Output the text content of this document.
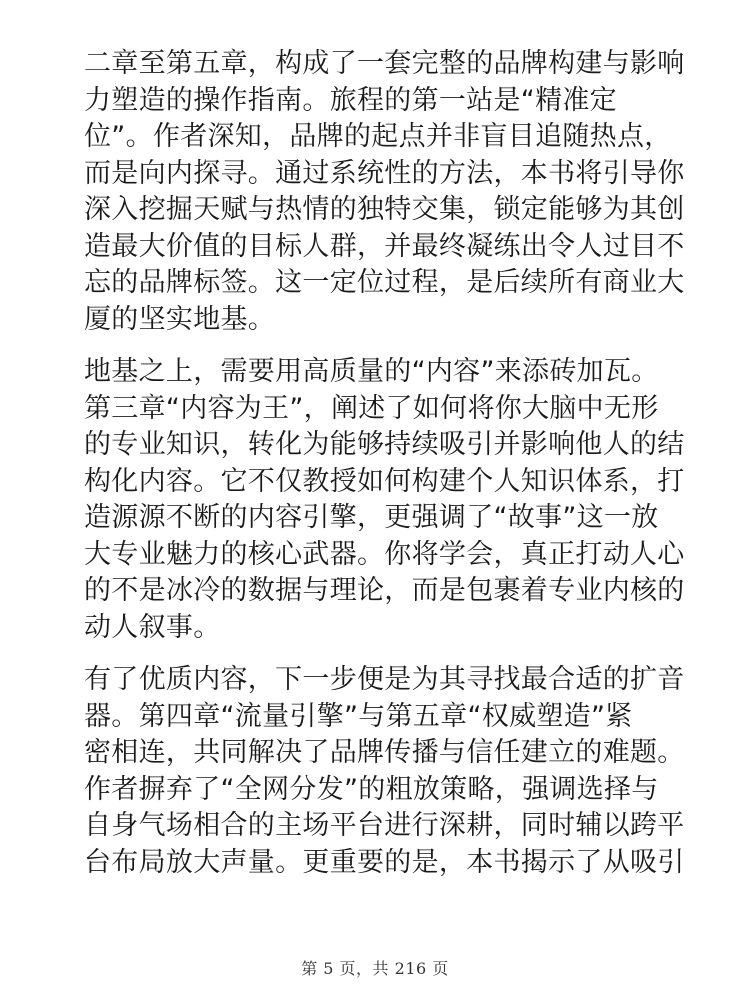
二章至第五章，构成了一套完整的品牌构建与影响
力塑造的操作指南。旅程的第一站是“精准定
位”。作者深知，品牌的起点并非盲目追随热点，
而是向内探寻。通过系统性的方法，本书将引导你
深入挖掘天赋与热情的独特交集，锁定能够为其创
造最大价值的目标人群，并最终凝练出令人过目不
忘的品牌标签。这一定位过程，是后续所有商业大
厦的坚实地基。
地基之上，需要用高质量的“内容”来添砖加瓦。
第三章“内容为王”，阐述了如何将你大脑中无形
的专业知识，转化为能够持续吸引并影响他人的结
构化内容。它不仅教授如何构建个人知识体系，打
造源源不断的内容引擎，更强调了“故事”这一放
大专业魅力的核心武器。你将学会，真正打动人心
的不是冰冷的数据与理论，而是包裹着专业内核的
动人叙事。
有了优质内容，下一步便是为其寻找最合适的扩音
器。第四章“流量引擎”与第五章“权威塑造”紧
密相连，共同解决了品牌传播与信任建立的难题。
作者摒弃了“全网分发”的粗放策略，强调选择与
自身气场相合的主场平台进行深耕，同时辅以跨平
台布局放大声量。更重要的是，本书揭示了从吸引
第 5 页，共 216 页
